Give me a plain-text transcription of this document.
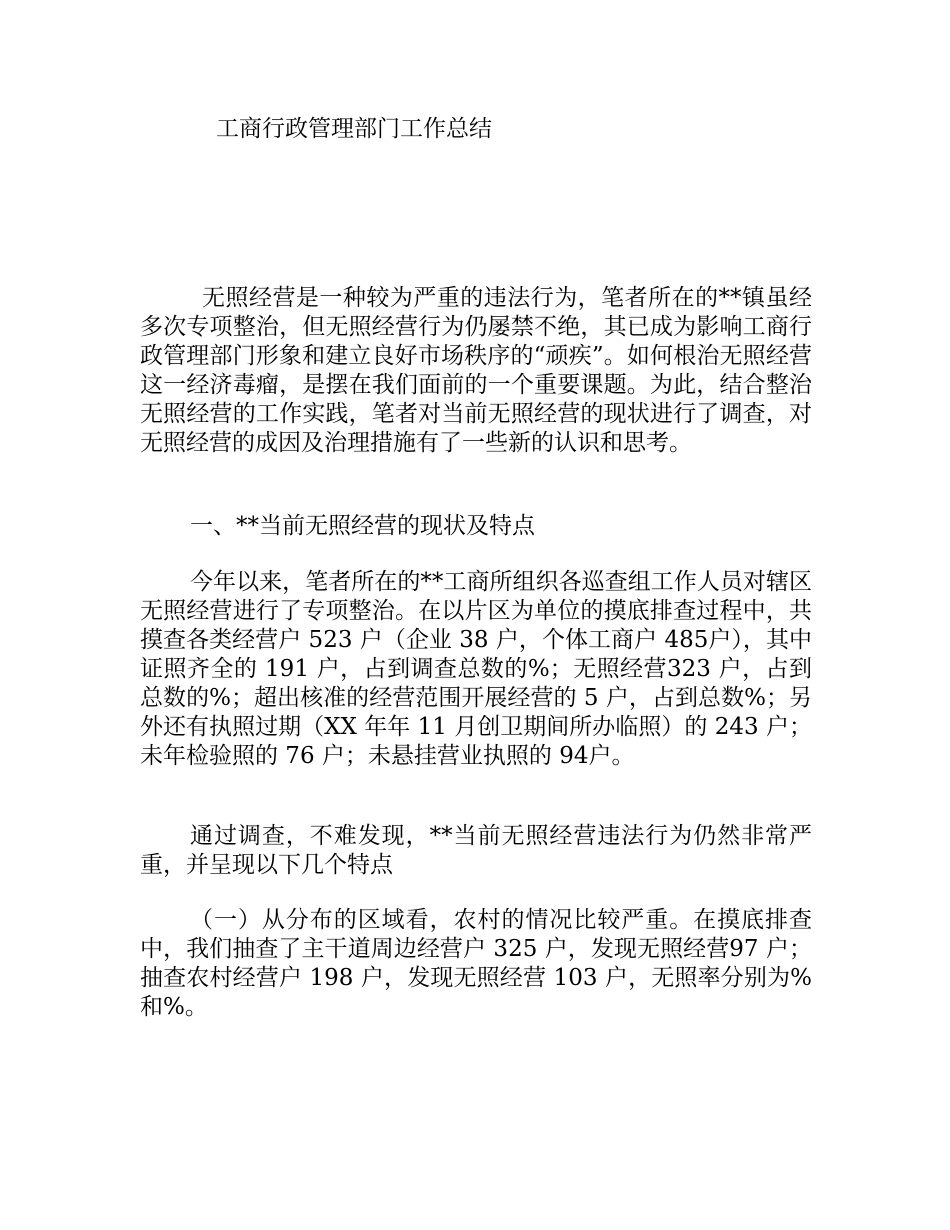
工商行政管理部门工作总结

无照经营是一种较为严重的违法行为，笔者所在的**镇虽经多次专项整治，但无照经营行为仍屡禁不绝，其已成为影响工商行政管理部门形象和建立良好市场秩序的“顽疾”。如何根治无照经营这一经济毒瘤，是摆在我们面前的一个重要课题。为此，结合整治无照经营的工作实践，笔者对当前无照经营的现状进行了调查，对无照经营的成因及治理措施有了一些新的认识和思考。

一、**当前无照经营的现状及特点

今年以来，笔者所在的**工商所组织各巡查组工作人员对辖区无照经营进行了专项整治。在以片区为单位的摸底排查过程中，共摸查各类经营户 523 户（企业 38 户，个体工商户 485户），其中证照齐全的 191 户，占到调查总数的%；无照经营323 户，占到总数的%；超出核准的经营范围开展经营的 5 户，占到总数%；另外还有执照过期（XX 年年 11 月创卫期间所办临照）的 243 户；未年检验照的 76 户；未悬挂营业执照的 94户。

通过调查，不难发现，**当前无照经营违法行为仍然非常严重，并呈现以下几个特点

（一）从分布的区域看，农村的情况比较严重。在摸底排查中，我们抽查了主干道周边经营户 325 户，发现无照经营97 户；抽查农村经营户 198 户，发现无照经营 103 户，无照率分别为%和%。
